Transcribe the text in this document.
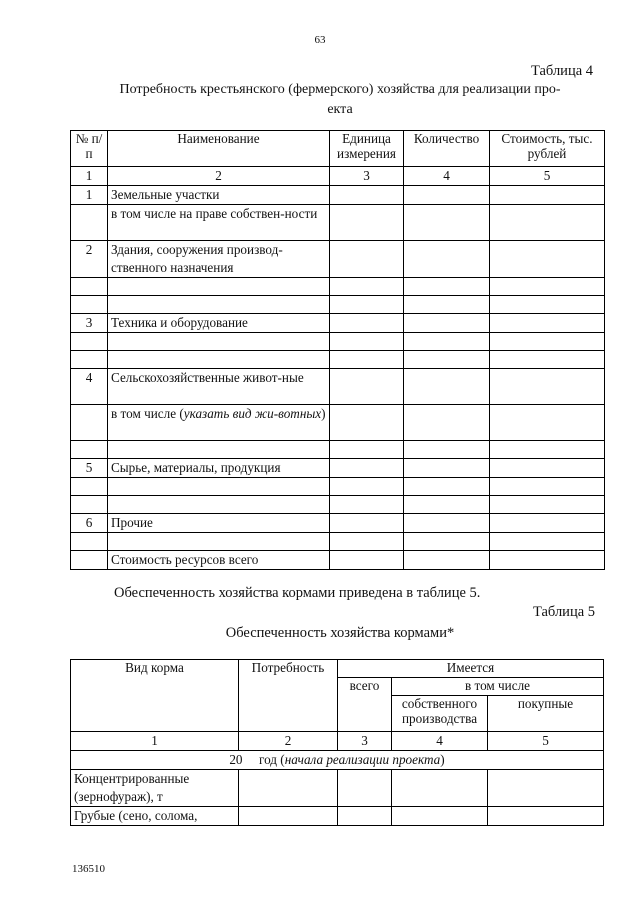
63
Таблица 4
Потребность крестьянского (фермерского) хозяйства для реализации про-
екта
№ п/п	Наименование	Единица измерения	Количество	Стоимость, тыс. рублей
1	2	3	4	5
1	Земельные участки			
	в том числе на праве собствен-ности			
2	Здания, сооружения производ-ственного назначения			

3	Техника и оборудование			

4	Сельскохозяйственные живот-ные			
	в том числе (указать вид жи-вотных)			

5	Сырье, материалы, продукция			

6	Прочие			

	Стоимость ресурсов всего			
Обеспеченность хозяйства кормами приведена в таблице 5.
Таблица 5
Обеспеченность хозяйства кормами*
Вид корма	Потребность	Имеется		
		всего	в том числе	
			собственного производства	покупные
1	2	3	4	5
20 год (начала реализации проекта)				
Концентрированные (зернофураж), т				
Грубые (сено, солома,				
136510
